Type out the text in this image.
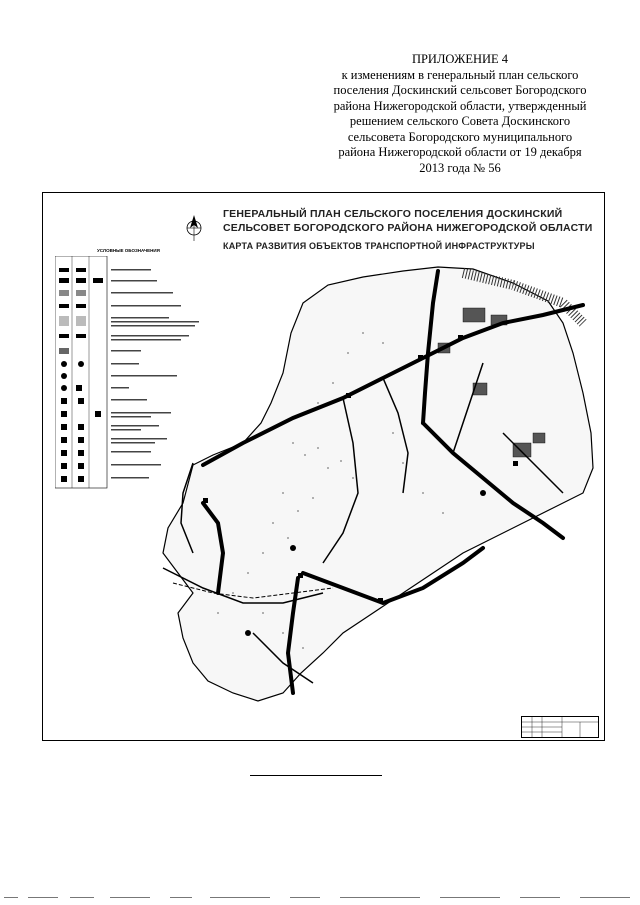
ПРИЛОЖЕНИЕ 4
к изменениям в генеральный план сельского
поселения Доскинский сельсовет Богородского
района Нижегородской области, утвержденный
решением сельского Совета Доскинского
сельсовета Богородского муниципального
района Нижегородской области от 19 декабря
2013 года № 56
ГЕНЕРАЛЬНЫЙ ПЛАН СЕЛЬСКОГО ПОСЕЛЕНИЯ ДОСКИНСКИЙ
СЕЛЬСОВЕТ БОГОРОДСКОГО РАЙОНА НИЖЕГОРОДСКОЙ ОБЛАСТИ
КАРТА РАЗВИТИЯ ОБЪЕКТОВ ТРАНСПОРТНОЙ ИНФРАСТРУКТУРЫ
УСЛОВНЫЕ ОБОЗНАЧЕНИЯ
